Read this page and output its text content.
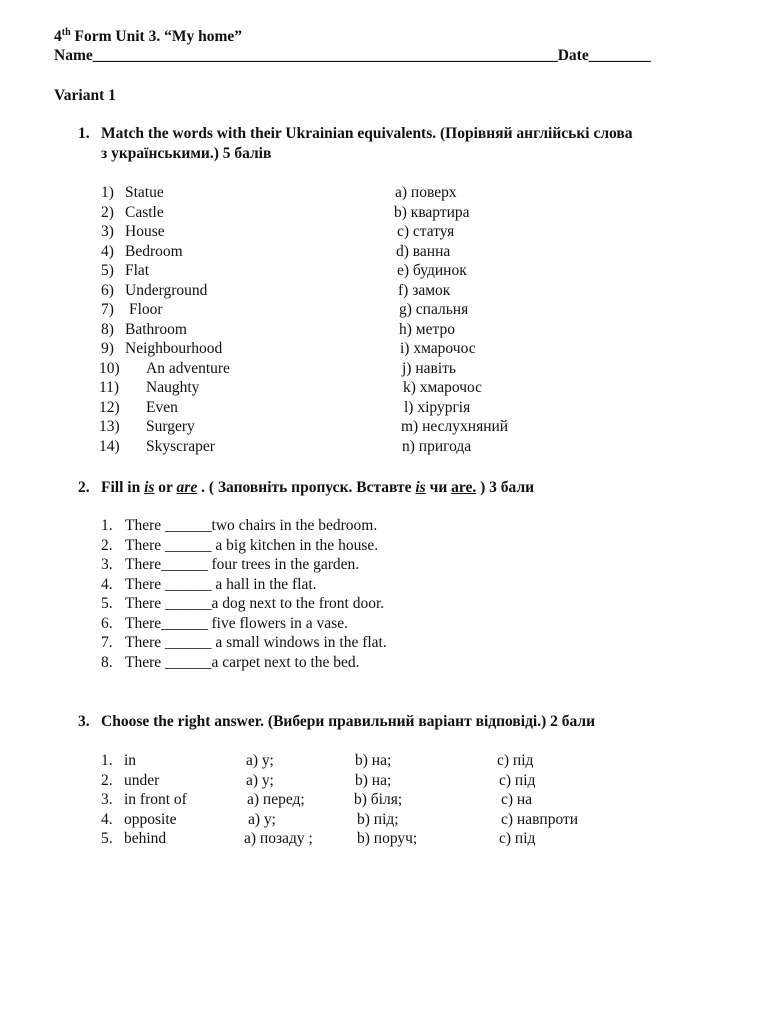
4th Form Unit 3. “My home”
Name____________________________________________________________Date________
Variant 1
1. Match the words with their Ukrainian equivalents. (Порівняй англійські слова
з українськими.) 5 балів
1) Statue	a) поверх
2) Castle	b) квартира
3) House	c) статуя
4) Bedroom	d) ванна
5) Flat	e) будинок
6) Underground	f) замок
7) Floor	g) спальня
8) Bathroom	h) метро
9) Neighbourhood	i) хмарочос
10) An adventure	j) навіть
11) Naughty	k) хмарочос
12) Even	l) хірургія
13) Surgery	m) неслухняний
14) Skyscraper	n) пригода
2. Fill in is or are . ( Заповніть пропуск. Вставте is чи are. ) 3 бали
1. There ______two chairs in the bedroom.
2. There ______ a big kitchen in the house.
3. There______ four trees in the garden.
4. There ______ a hall in the flat.
5. There ______a dog next to the front door.
6. There______ five flowers in a vase.
7. There ______ a small windows in the flat.
8. There ______a carpet next to the bed.
3. Choose the right answer. (Вибери правильний варіант відповіді.) 2 бали
1. in	a) у;	b) на;	c) під
2. under	a) у;	b) на;	c) під
3. in front of	a) перед;	b) біля;	c) на
4. opposite	a) у;	b) під;	c) навпроти
5. behind	a) позаду ;	b) поруч;	c) під
